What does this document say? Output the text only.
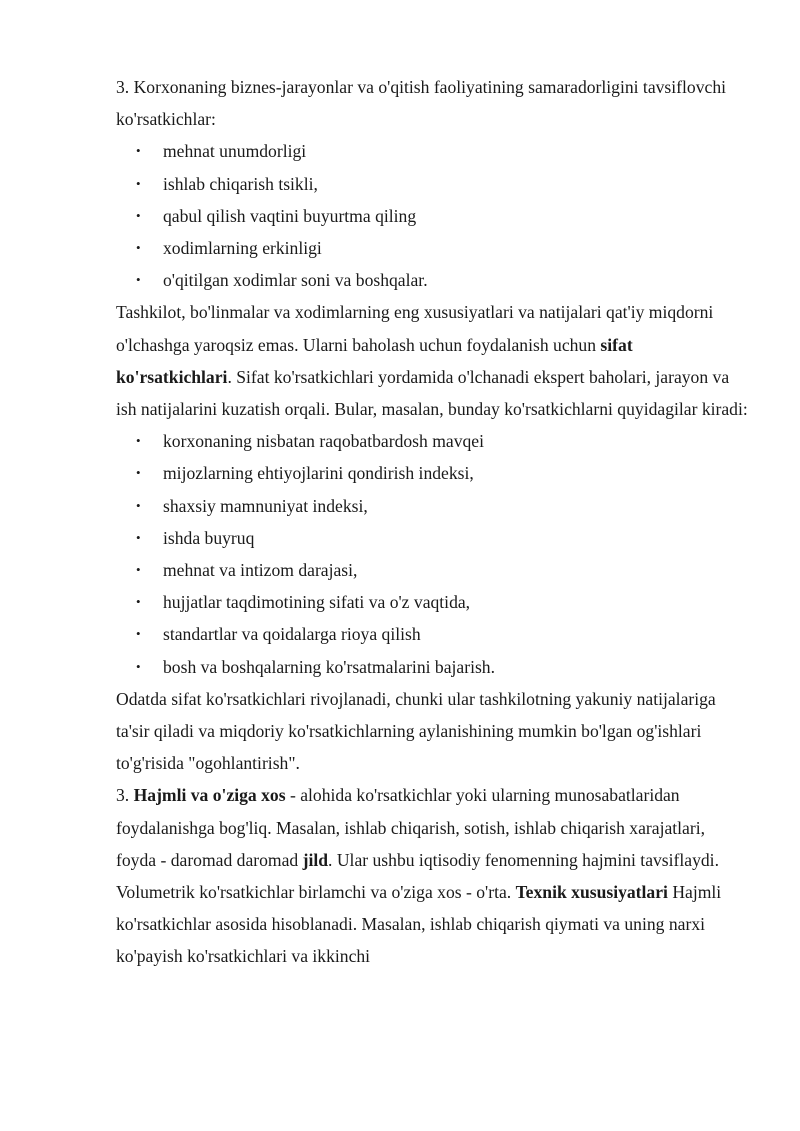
3. Korxonaning biznes-jarayonlar va o'qitish faoliyatining samaradorligini tavsiflovchi ko'rsatkichlar:

• mehnat unumdorligi
• ishlab chiqarish tsikli,
• qabul qilish vaqtini buyurtma qiling
• xodimlarning erkinligi
• o'qitilgan xodimlar soni va boshqalar.

Tashkilot, bo'linmalar va xodimlarning eng xususiyatlari va natijalari qat'iy miqdorni o'lchashga yaroqsiz emas. Ularni baholash uchun foydalanish uchun sifat ko'rsatkichlari. Sifat ko'rsatkichlari yordamida o'lchanadi ekspert baholari, jarayon va ish natijalarini kuzatish orqali. Bular, masalan, bunday ko'rsatkichlarni quyidagilar kiradi:

• korxonaning nisbatan raqobatbardosh mavqei
• mijozlarning ehtiyojlarini qondirish indeksi,
• shaxsiy mamnuniyat indeksi,
• ishda buyruq
• mehnat va intizom darajasi,
• hujjatlar taqdimotining sifati va o'z vaqtida,
• standartlar va qoidalarga rioya qilish
• bosh va boshqalarning ko'rsatmalarini bajarish.

Odatda sifat ko'rsatkichlari rivojlanadi, chunki ular tashkilotning yakuniy natijalariga ta'sir qiladi va miqdoriy ko'rsatkichlarning aylanishining mumkin bo'lgan og'ishlari to'g'risida "ogohlantirish".

3. Hajmli va o'ziga xos - alohida ko'rsatkichlar yoki ularning munosabatlaridan foydalanishga bog'liq. Masalan, ishlab chiqarish, sotish, ishlab chiqarish xarajatlari, foyda - daromad daromad jild. Ular ushbu iqtisodiy fenomenning hajmini tavsiflaydi. Volumetrik ko'rsatkichlar birlamchi va o'ziga xos - o'rta. Texnik xususiyatlari Hajmli ko'rsatkichlar asosida hisoblanadi. Masalan, ishlab chiqarish qiymati va uning narxi ko'payish ko'rsatkichlari va ikkinchi
